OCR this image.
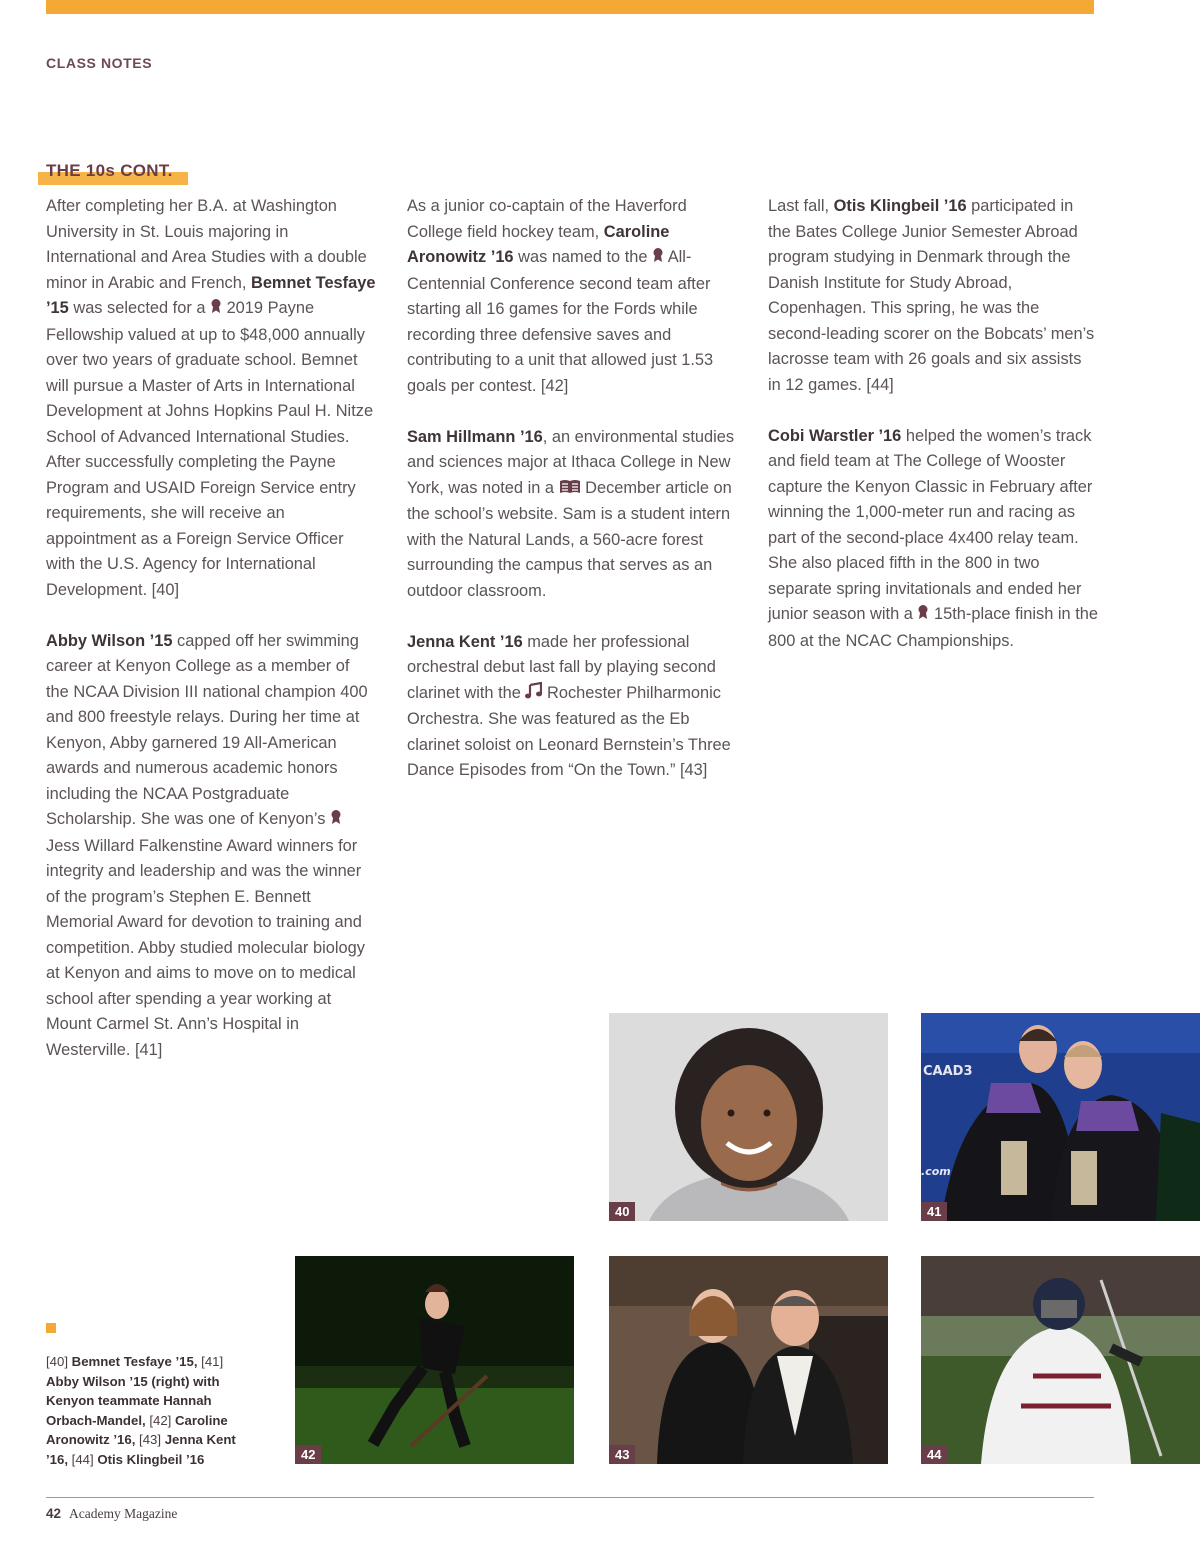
CLASS NOTES
THE 10s CONT.

After completing her B.A. at Washington University in St. Louis majoring in International and Area Studies with a double minor in Arabic and French, Bemnet Tesfaye ’15 was selected for a  2019 Payne Fellowship valued at up to $48,000 annually over two years of graduate school. Bemnet will pursue a Master of Arts in International Development at Johns Hopkins Paul H. Nitze School of Advanced International Studies. After successfully completing the Payne Program and USAID Foreign Service entry requirements, she will receive an appointment as a Foreign Service Officer with the U.S. Agency for International Development. [40]

Abby Wilson ’15 capped off her swimming career at Kenyon College as a member of the NCAA Division III national champion 400 and 800 freestyle relays. During her time at Kenyon, Abby garnered 19 All-American awards and numerous academic honors including the NCAA Postgraduate Scholarship. She was one of Kenyon’s  Jess Willard Falkenstine Award winners for integrity and leadership and was the winner of the program’s Stephen E. Bennett Memorial Award for devotion to training and competition. Abby studied molecular biology at Kenyon and aims to move on to medical school after spending a year working at Mount Carmel St. Ann’s Hospital in Westerville. [41]

As a junior co-captain of the Haverford College field hockey team, Caroline Aronowitz ’16 was named to the  All-Centennial Conference second team after starting all 16 games for the Fords while recording three defensive saves and contributing to a unit that allowed just 1.53 goals per contest. [42]

Sam Hillmann ’16, an environmental studies and sciences major at Ithaca College in New York, was noted in a  December article on the school’s website. Sam is a student intern with the Natural Lands, a 560-acre forest surrounding the campus that serves as an outdoor classroom.

Jenna Kent ’16 made her professional orchestral debut last fall by playing second clarinet with the  Rochester Philharmonic Orchestra. She was featured as the Eb clarinet soloist on Leonard Bernstein’s Three Dance Episodes from “On the Town.” [43]

Last fall, Otis Klingbeil ’16 participated in the Bates College Junior Semester Abroad program studying in Denmark through the Danish Institute for Study Abroad, Copenhagen. This spring, he was the second-leading scorer on the Bobcats’ men’s lacrosse team with 26 goals and six assists in 12 games. [44]

Cobi Warstler ’16 helped the women’s track and field team at The College of Wooster capture the Kenyon Classic in February after winning the 1,000-meter run and racing as part of the second-place 4x400 relay team. She also placed fifth in the 800 in two separate spring invitationals and ended her junior season with a  15th-place finish in the 800 at the NCAC Championships.

40
CAAD3
.com
41
42	43	44
[40] Bemnet Tesfaye ’15, [41] Abby Wilson ’15 (right) with Kenyon teammate Hannah Orbach-Mandel, [42] Caroline Aronowitz ’16, [43] Jenna Kent ’16, [44] Otis Klingbeil ’16
42 Academy Magazine
